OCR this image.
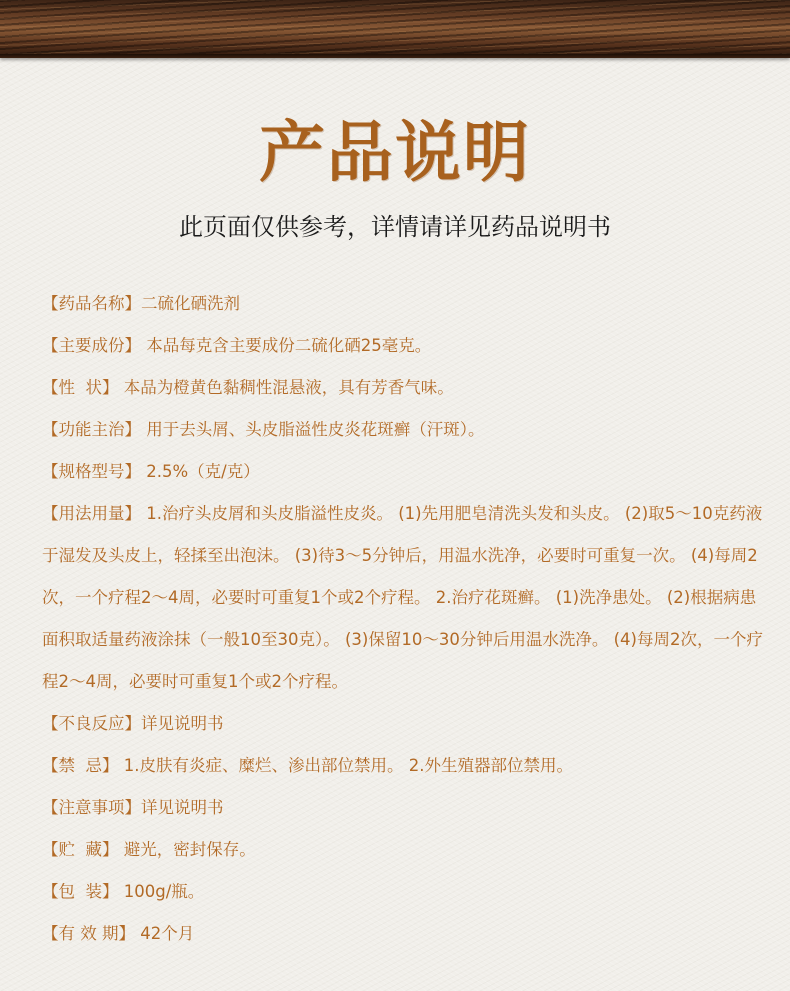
产品说明
此页面仅供参考，详情请详见药品说明书
【药品名称】二硫化硒洗剂
【主要成份】 本品每克含主要成份二硫化硒25毫克。
【性  状】 本品为橙黄色黏稠性混悬液，具有芳香气味。
【功能主治】 用于去头屑、头皮脂溢性皮炎花斑癣（汗斑）。
【规格型号】 2.5%（克/克）
【用法用量】 1.治疗头皮屑和头皮脂溢性皮炎。 (1)先用肥皂清洗头发和头皮。 (2)取5～10克药液于湿发及头皮上，轻揉至出泡沫。 (3)待3～5分钟后，用温水洗净，必要时可重复一次。 (4)每周2次，一个疗程2～4周，必要时可重复1个或2个疗程。 2.治疗花斑癣。 (1)洗净患处。 (2)根据病患面积取适量药液涂抹（一般10至30克）。 (3)保留10～30分钟后用温水洗净。 (4)每周2次，一个疗程2～4周，必要时可重复1个或2个疗程。
【不良反应】详见说明书
【禁  忌】 1.皮肤有炎症、糜烂、渗出部位禁用。 2.外生殖器部位禁用。
【注意事项】详见说明书
【贮  藏】 避光，密封保存。
【包  装】 100g/瓶。
【有 效 期】 42个月
